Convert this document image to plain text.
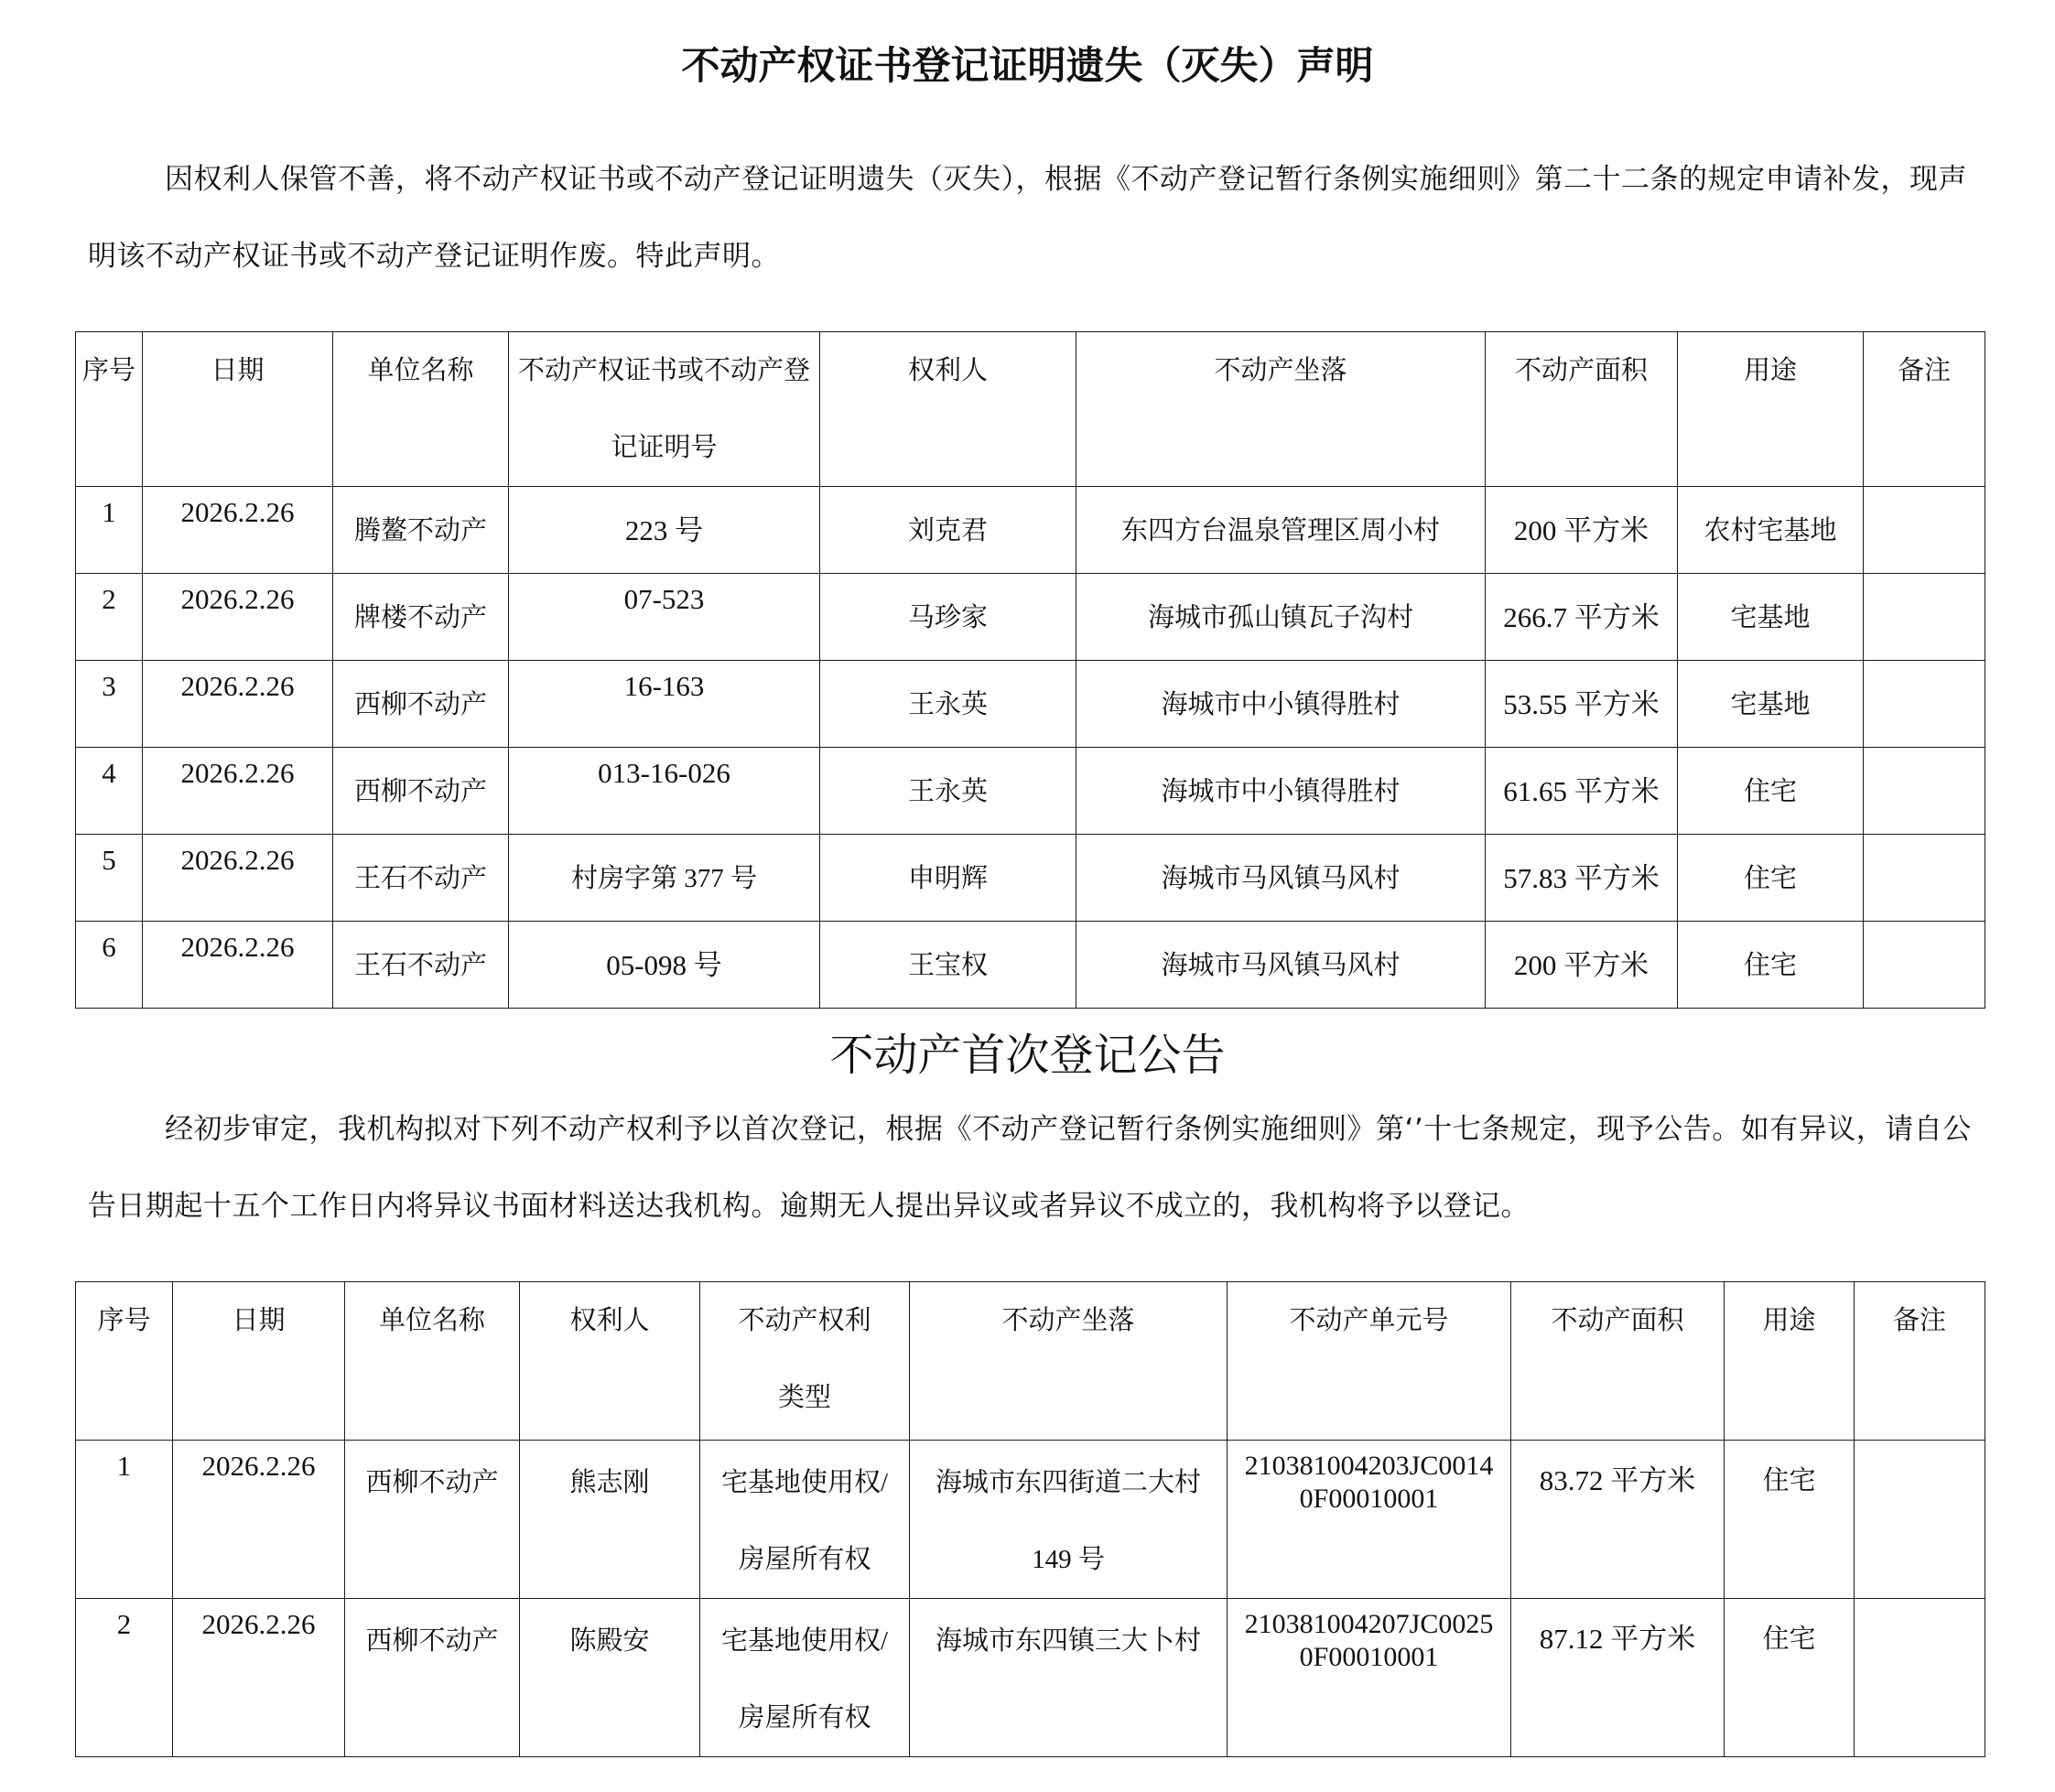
不动产权证书登记证明遗失（灭失）声明
因权利人保管不善，将不动产权证书或不动产登记证明遗失（灭失），根据《不动产登记暂行条例实施细则》第二十二条的规定申请补发，现声明该不动产权证书或不动产登记证明作废。特此声明。
序号	日期	单位名称	不动产权证书或不动产登记证明号	权利人	不动产坐落	不动产面积	用途	备注

1	2026.2.26	腾鳌不动产	223 号	刘克君	东四方台温泉管理区周小村	200 平方米	农村宅基地	

2	2026.2.26	牌楼不动产	07-523	马珍家	海城市孤山镇瓦子沟村	266.7 平方米	宅基地	

3	2026.2.26	西柳不动产	16-163	王永英	海城市中小镇得胜村	53.55 平方米	宅基地	

4	2026.2.26	西柳不动产	013-16-026	王永英	海城市中小镇得胜村	61.65 平方米	住宅	

5	2026.2.26	王石不动产	村房字第 377 号	申明辉	海城市马风镇马风村	57.83 平方米	住宅	

6	2026.2.26	王石不动产	05-098 号	王宝权	海城市马风镇马风村	200 平方米	住宅	

不动产首次登记公告
经初步审定，我机构拟对下列不动产权利予以首次登记，根据《不动产登记暂行条例实施细则》第‘’十七条规定，现予公告。如有异议，请自公告日期起十五个工作日内将异议书面材料送达我机构。逾期无人提出异议或者异议不成立的，我机构将予以登记。
序号	日期	单位名称	权利人	不动产权利类型	不动产坐落	不动产单元号	不动产面积	用途	备注

1	2026.2.26	西柳不动产	熊志刚	宅基地使用权/房屋所有权	海城市东四街道二大村 149 号	210381004203JC00140F00010001	83.72 平方米	住宅	

2	2026.2.26	西柳不动产	陈殿安	宅基地使用权/房屋所有权	海城市东四镇三大卜村	210381004207JC00250F00010001	87.12 平方米	住宅	
